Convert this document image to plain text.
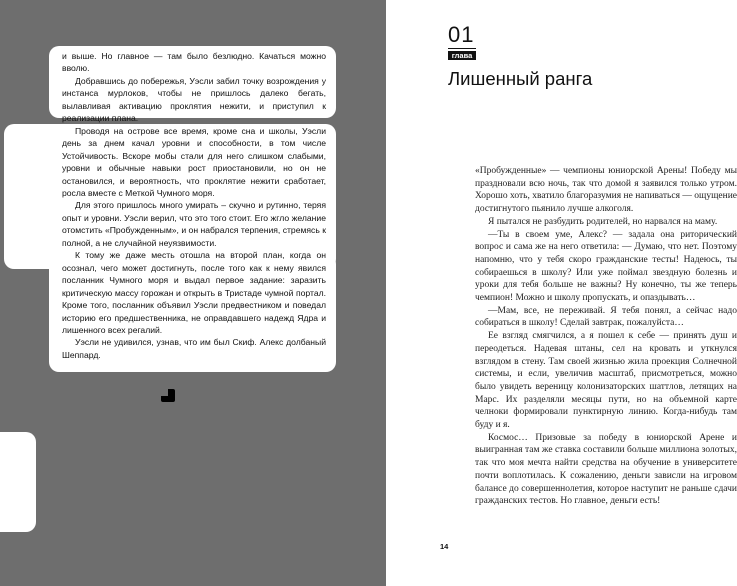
и выше. Но главное — там было безлюдно. Качаться можно вволю.

Добравшись до побережья, Уэсли забил точку возрождения у инстанса мурлоков, чтобы не пришлось далеко бегать, вылавливая активацию проклятия нежити, и приступил к реализации плана.

Проводя на острове все время, кроме сна и школы, Уэсли день за днем качал уровни и способности, в том числе Устойчивость. Вскоре мобы стали для него слишком слабыми, уровни и обычные навыки рост приостановили, но он не остановился, и вероятность, что проклятие нежити сработает, росла вместе с Меткой Чумного моря.

Для этого пришлось много умирать – скучно и рутинно, теряя опыт и уровни. Уэсли верил, что это того стоит. Его жгло желание отомстить «Пробужденным», и он набрался терпения, стремясь к полной, а не случайной неуязвимости.

К тому же даже месть отошла на второй план, когда он осознал, чего может достигнуть, после того как к нему явился посланник Чумного моря и выдал первое задание: заразить критическую массу горожан и открыть в Тристаде чумной портал. Кроме того, посланник объявил Уэсли предвестником и поведал историю его предшественника, не оправдавшего надежд Ядра и лишенного всех регалий.

Уэсли не удивился, узнав, что им был Скиф. Алекс долбаный Шеппард.

01
глава
Лишенный ранга

«Пробужденные» — чемпионы юниорской Арены! Победу мы праздновали всю ночь, так что домой я заявился только утром. Хорошо хоть, хватило благоразумия не напиваться — ощущение достигнутого пьянило лучше алкоголя.

Я пытался не разбудить родителей, но нарвался на маму.

—Ты в своем уме, Алекс? — задала она риторический вопрос и сама же на него ответила: — Думаю, что нет. Поэтому напомню, что у тебя скоро гражданские тесты! Надеюсь, ты собираешься в школу? Или уже поймал звездную болезнь и уроки для тебя больше не важны? Ну конечно, ты же теперь чемпион! Можно и школу пропускать, и опаздывать…

—Мам, все, не переживай. Я тебя понял, а сейчас надо собираться в школу! Сделай завтрак, пожалуйста…

Ее взгляд смягчился, а я пошел к себе — принять душ и переодеться. Надевая штаны, сел на кровать и уткнулся взглядом в стену. Там своей жизнью жила проекция Солнечной системы, и если, увеличив масштаб, присмотреться, можно было увидеть вереницу колонизаторских шаттлов, летящих на Марс. Их разделяли месяцы пути, но на объемной карте челноки формировали пунктирную линию. Когда-нибудь там буду и я.

Космос… Призовые за победу в юниорской Арене и выигранная там же ставка составили больше миллиона золотых, так что моя мечта найти средства на обучение в университете почти воплотилась. К сожалению, деньги зависли на игровом балансе до совершеннолетия, которое наступит не раньше сдачи гражданских тестов. Но главное, деньги есть!

14
